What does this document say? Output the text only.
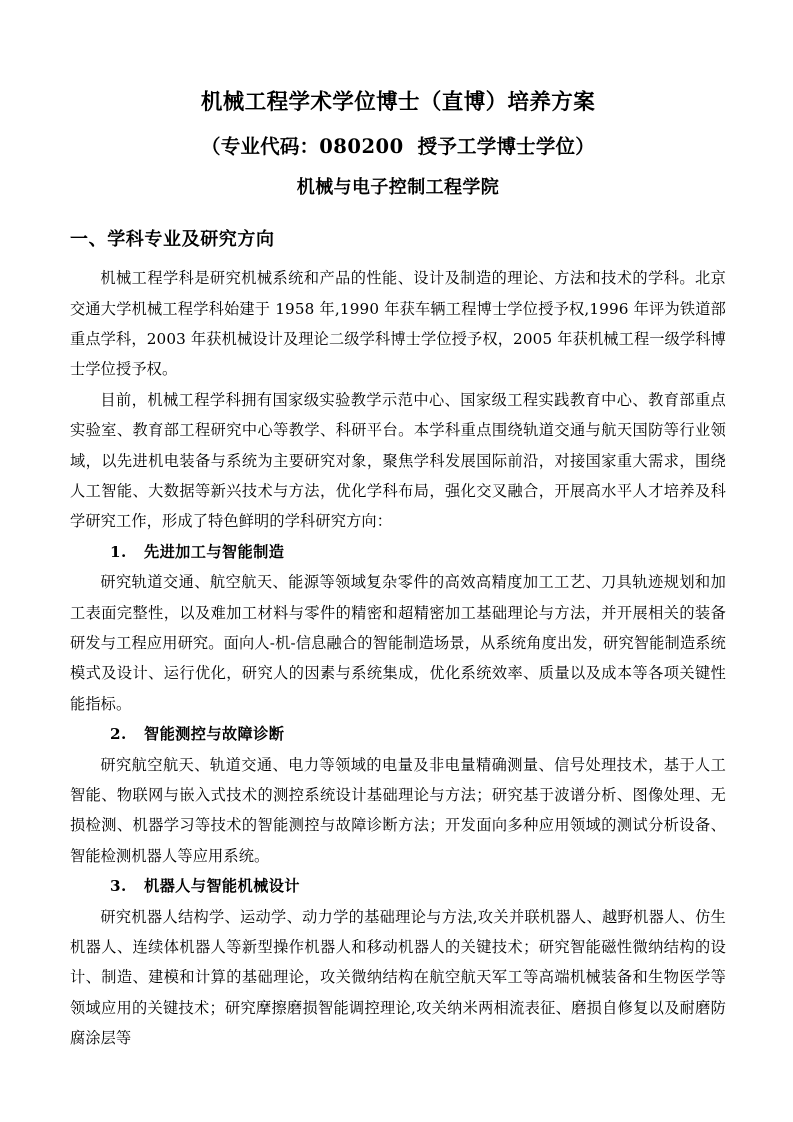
机械工程学术学位博士（直博）培养方案
（专业代码：080200 授予工学博士学位）
机械与电子控制工程学院
一、学科专业及研究方向

机械工程学科是研究机械系统和产品的性能、设计及制造的理论、方法和技术的学科。北京交通大学机械工程学科始建于 1958 年,1990 年获车辆工程博士学位授予权,1996 年评为铁道部重点学科，2003 年获机械设计及理论二级学科博士学位授予权，2005 年获机械工程一级学科博士学位授予权。

目前，机械工程学科拥有国家级实验教学示范中心、国家级工程实践教育中心、教育部重点实验室、教育部工程研究中心等教学、科研平台。本学科重点围绕轨道交通与航天国防等行业领域，以先进机电装备与系统为主要研究对象，聚焦学科发展国际前沿，对接国家重大需求，围绕人工智能、大数据等新兴技术与方法，优化学科布局，强化交叉融合，开展高水平人才培养及科学研究工作，形成了特色鲜明的学科研究方向：

1. 先进加工与智能制造

研究轨道交通、航空航天、能源等领域复杂零件的高效高精度加工工艺、刀具轨迹规划和加工表面完整性，以及难加工材料与零件的精密和超精密加工基础理论与方法，并开展相关的装备研发与工程应用研究。面向人-机-信息融合的智能制造场景，从系统角度出发，研究智能制造系统模式及设计、运行优化，研究人的因素与系统集成，优化系统效率、质量以及成本等各项关键性能指标。

2. 智能测控与故障诊断

研究航空航天、轨道交通、电力等领域的电量及非电量精确测量、信号处理技术，基于人工智能、物联网与嵌入式技术的测控系统设计基础理论与方法；研究基于波谱分析、图像处理、无损检测、机器学习等技术的智能测控与故障诊断方法；开发面向多种应用领域的测试分析设备、智能检测机器人等应用系统。

3. 机器人与智能机械设计

研究机器人结构学、运动学、动力学的基础理论与方法,攻关并联机器人、越野机器人、仿生机器人、连续体机器人等新型操作机器人和移动机器人的关键技术；研究智能磁性微纳结构的设计、制造、建模和计算的基础理论，攻关微纳结构在航空航天军工等高端机械装备和生物医学等领域应用的关键技术；研究摩擦磨损智能调控理论,攻关纳米两相流表征、磨损自修复以及耐磨防腐涂层等
